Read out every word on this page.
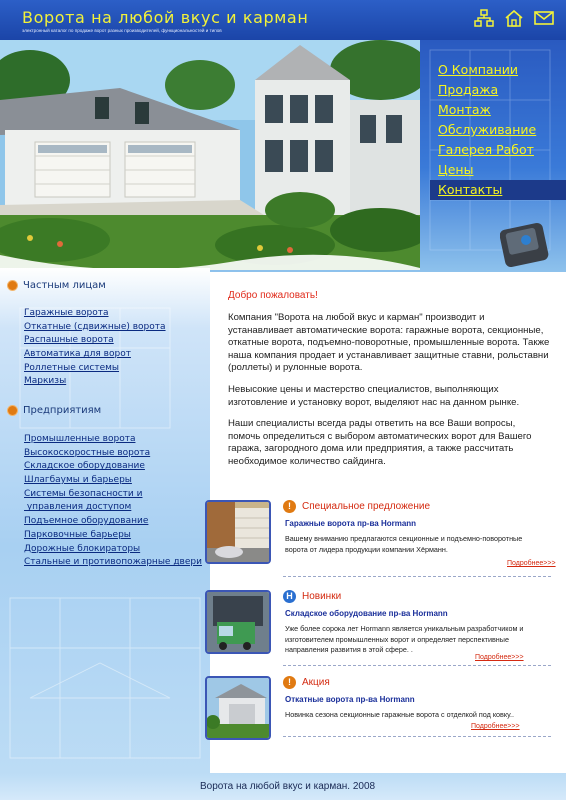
Ворота на любой вкус и карман
электронный каталог по продаже ворот разных производителей, функциональностей и типов
О Компании
Продажа
Монтаж
Обслуживание
Галерея Работ
Цены
Контакты
Частным лицам
Гаражные ворота
Откатные (сдвижные) ворота
Распашные ворота
Автоматика для ворот
Роллетные системы
Маркизы
Предприятиям
Промышленные ворота
Высокоскоростные ворота
Складское оборудование
Шлагбаумы и барьеры
Системы безопасности и
управления доступом
Подъемное оборудование
Парковочные барьеры
Дорожные блокираторы
Стальные и противопожарные двери
Добро пожаловать!

Компания "Ворота на любой вкус и карман" производит и устанавливает автоматические ворота: гаражные ворота, секционные, откатные ворота, подъемно-поворотные, промышленные ворота. Также наша компания продает и устанавливает защитные ставни, рольставни (роллеты) и рулонные ворота.

Невысокие цены и мастерство специалистов, выполняющих изготовление и установку ворот, выделяют нас на данном рынке.

Наши специалисты всегда рады ответить на все Ваши вопросы, помочь определиться с выбором автоматических ворот для Вашего гаража, загородного дома или предприятия, а также рассчитать необходимое количество сайдинга.

!	Специальное предложение
Гаражные ворота пр-ва Hormann
Вашему вниманию предлагаются секционные и подъемно-поворотные ворота от лидера продукции компании Хёрманн.
Подробнее>>>
H Новинки
Складское оборудование пр-ва Hormann
Уже более сорока лет Hormann является уникальным разработчиком и изготовителем промышленных ворот и определяет перспективные направления развития в этой сфере. .
Подробнее>>>
!	Акция
Откатные ворота пр-ва Hormann
Новинка сезона секционные гаражные ворота с отделкой под ковку..
Подробнее>>>
Ворота на любой вкус и карман. 2008
